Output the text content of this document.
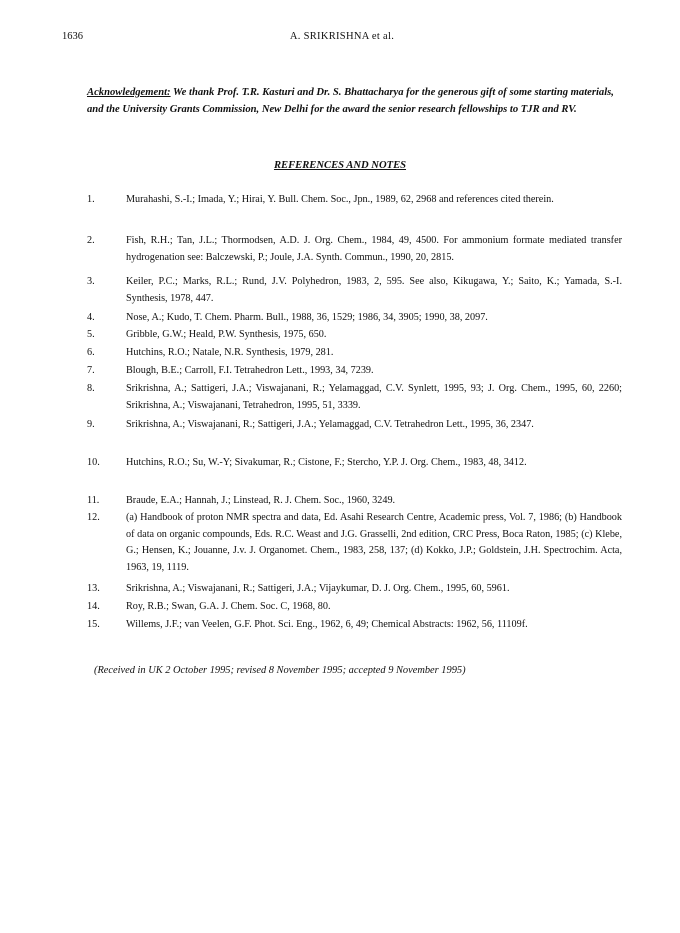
1636	A. SRIKRISHNA et al.
Acknowledgement: We thank Prof. T.R. Kasturi and Dr. S. Bhattacharya for the generous gift of some starting materials, and the University Grants Commission, New Delhi for the award the senior research fellowships to TJR and RV.
REFERENCES AND NOTES
1.	Murahashi, S.-I.; Imada, Y.; Hirai, Y. Bull. Chem. Soc., Jpn., 1989, 62, 2968 and references cited therein.
2.	Fish, R.H.; Tan, J.L.; Thormodsen, A.D. J. Org. Chem., 1984, 49, 4500. For ammonium formate mediated transfer hydrogenation see: Balczewski, P.; Joule, J.A. Synth. Commun., 1990, 20, 2815.
3.	Keiler, P.C.; Marks, R.L.; Rund, J.V. Polyhedron, 1983, 2, 595. See also, Kikugawa, Y.; Saito, K.; Yamada, S.-I. Synthesis, 1978, 447.
4.	Nose, A.; Kudo, T. Chem. Pharm. Bull., 1988, 36, 1529; 1986, 34, 3905; 1990, 38, 2097.
5.	Gribble, G.W.; Heald, P.W. Synthesis, 1975, 650.
6.	Hutchins, R.O.; Natale, N.R. Synthesis, 1979, 281.
7.	Blough, B.E.; Carroll, F.I. Tetrahedron Lett., 1993, 34, 7239.
8.	Srikrishna, A.; Sattigeri, J.A.; Viswajanani, R.; Yelamaggad, C.V. Synlett, 1995, 93; J. Org. Chem., 1995, 60, 2260; Srikrishna, A.; Viswajanani, Tetrahedron, 1995, 51, 3339.
9.	Srikrishna, A.; Viswajanani, R.; Sattigeri, J.A.; Yelamaggad, C.V. Tetrahedron Lett., 1995, 36, 2347.
10.	Hutchins, R.O.; Su, W.-Y; Sivakumar, R.; Cistone, F.; Stercho, Y.P. J. Org. Chem., 1983, 48, 3412.
11.	Braude, E.A.; Hannah, J.; Linstead, R. J. Chem. Soc., 1960, 3249.
12.	(a) Handbook of proton NMR spectra and data, Ed. Asahi Research Centre, Academic press, Vol. 7, 1986; (b) Handbook of data on organic compounds, Eds. R.C. Weast and J.G. Grasselli, 2nd edition, CRC Press, Boca Raton, 1985; (c) Klebe, G.; Hensen, K.; Jouanne, J.v. J. Organomet. Chem., 1983, 258, 137; (d) Kokko, J.P.; Goldstein, J.H. Spectrochim. Acta, 1963, 19, 1119.
13.	Srikrishna, A.; Viswajanani, R.; Sattigeri, J.A.; Vijaykumar, D. J. Org. Chem., 1995, 60, 5961.
14.	Roy, R.B.; Swan, G.A. J. Chem. Soc. C, 1968, 80.
15.	Willems, J.F.; van Veelen, G.F. Phot. Sci. Eng., 1962, 6, 49; Chemical Abstracts: 1962, 56, 11109f.
(Received in UK 2 October 1995; revised 8 November 1995; accepted 9 November 1995)
